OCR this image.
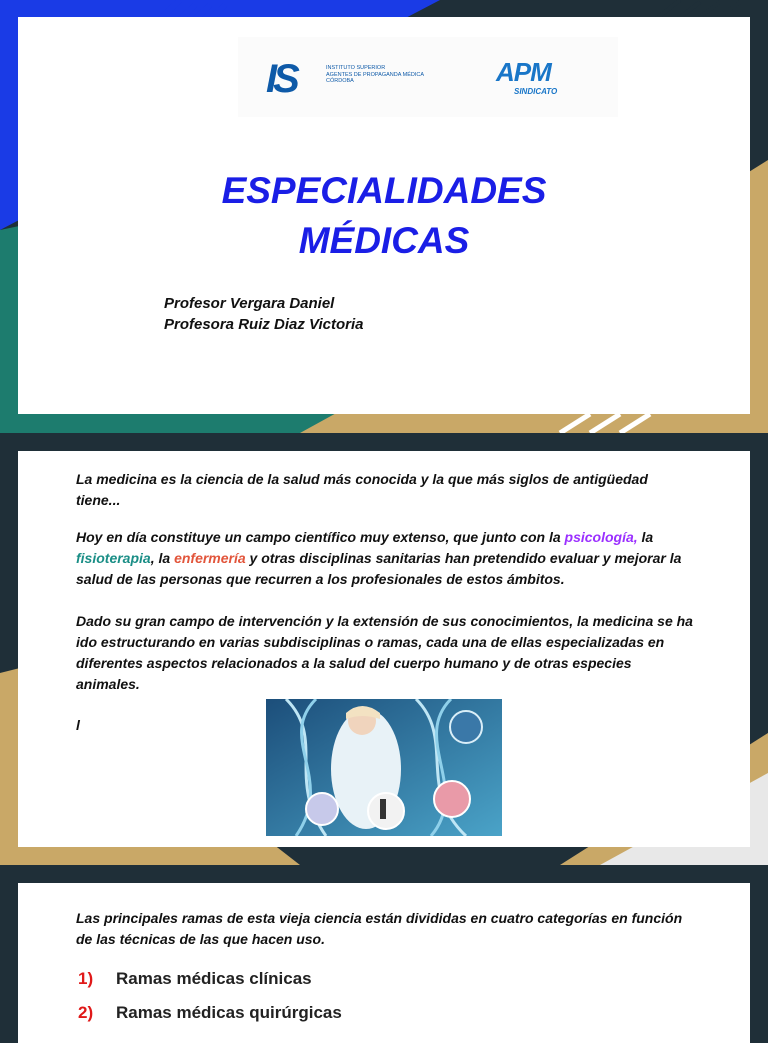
IS	INSTITUTO SUPERIOR
AGENTES DE PROPAGANDA MÉDICA
CÓRDOBA	APM
SINDICATO
ESPECIALIDADES
MÉDICAS
Profesor Vergara Daniel
Profesora Ruiz Diaz Victoria

La medicina es la ciencia de la salud más conocida y la que más siglos de antigüedad tiene...

Hoy en día constituye un campo científico muy extenso, que junto con la psicología, la fisioterapia, la enfermería y otras disciplinas sanitarias han pretendido evaluar y mejorar la salud de las personas que recurren a los profesionales de estos ámbitos.

Dado su gran campo de intervención y la extensión de sus conocimientos, la medicina se ha ido estructurando en varias subdisciplinas o ramas, cada una de ellas especializadas en diferentes aspectos relacionados a la salud del cuerpo humano y de otras especies animales.

l

Las principales ramas de esta vieja ciencia están divididas en cuatro categorías en función de las técnicas de las que hacen uso.

1) Ramas médicas clínicas
2) Ramas médicas quirúrgicas
